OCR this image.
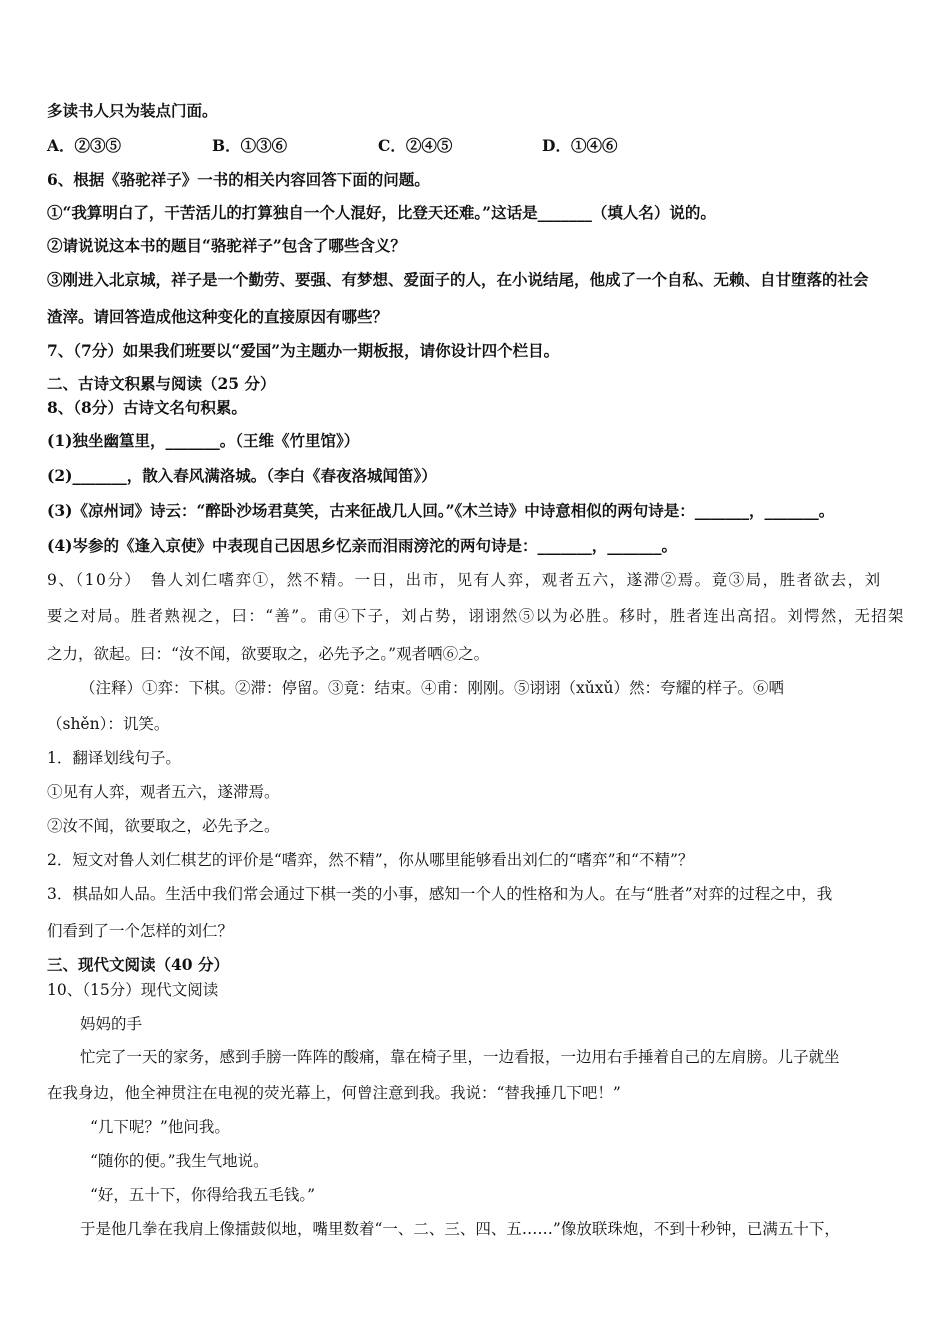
多读书人只为装点门面。
A．②③⑤	B．①③⑥	C．②④⑤	D．①④⑥
6、根据《骆驼祥子》一书的相关内容回答下面的问题。
①“我算明白了，干苦活儿的打算独自一个人混好，比登天还难。”这话是_______（填人名）说的。
②请说说这本书的题目“骆驼祥子”包含了哪些含义？
③刚进入北京城，祥子是一个勤劳、要强、有梦想、爱面子的人，在小说结尾，他成了一个自私、无赖、自甘堕落的社会
渣滓。请回答造成他这种变化的直接原因有哪些？
7、（7分）如果我们班要以“爱国”为主题办一期板报，请你设计四个栏目。
二、古诗文积累与阅读（25 分）
8、（8分）古诗文名句积累。
(1)独坐幽篁里，_______。（王维《竹里馆》）
(2)_______，散入春风满洛城。（李白《春夜洛城闻笛》）
(3)《凉州词》诗云：“醉卧沙场君莫笑，古来征战几人回。”《木兰诗》中诗意相似的两句诗是：_______，_______。
(4)岑参的《逢入京使》中表现自己因思乡忆亲而泪雨滂沱的两句诗是：_______，_______。
9、（10分）　鲁人刘仁嗜弈①，然不精。一日，出市，见有人弈，观者五六，遂滞②焉。竟③局，胜者欲去，刘
要之对局。胜者熟视之，曰：“善”。甫④下子，刘占势，诩诩然⑤以为必胜。移时，胜者连出高招。刘愕然，无招架
之力，欲起。曰：“汝不闻，欲要取之，必先予之。”观者哂⑥之。
（注释）①弈：下棋。②滞：停留。③竟：结束。④甫：刚刚。⑤诩诩（xǔxǔ）然：夸耀的样子。⑥哂
（shěn）：讥笑。
1．翻译划线句子。
①见有人弈，观者五六，遂滞焉。
②汝不闻，欲要取之，必先予之。
2．短文对鲁人刘仁棋艺的评价是“嗜弈，然不精”，你从哪里能够看出刘仁的“嗜弈”和“不精”？
3．棋品如人品。生活中我们常会通过下棋一类的小事，感知一个人的性格和为人。在与“胜者”对弈的过程之中，我
们看到了一个怎样的刘仁？
三、现代文阅读（40 分）
10、（15分）现代文阅读
妈妈的手
忙完了一天的家务，感到手膀一阵阵的酸痛，靠在椅子里，一边看报，一边用右手捶着自己的左肩膀。儿子就坐
在我身边，他全神贯注在电视的荧光幕上，何曾注意到我。我说：“替我捶几下吧！”
“几下呢？”他问我。
“随你的便。”我生气地说。
“好，五十下，你得给我五毛钱。”
于是他几拳在我肩上像擂鼓似地，嘴里数着“一、二、三、四、五……”像放联珠炮，不到十秒钟，已满五十下，
